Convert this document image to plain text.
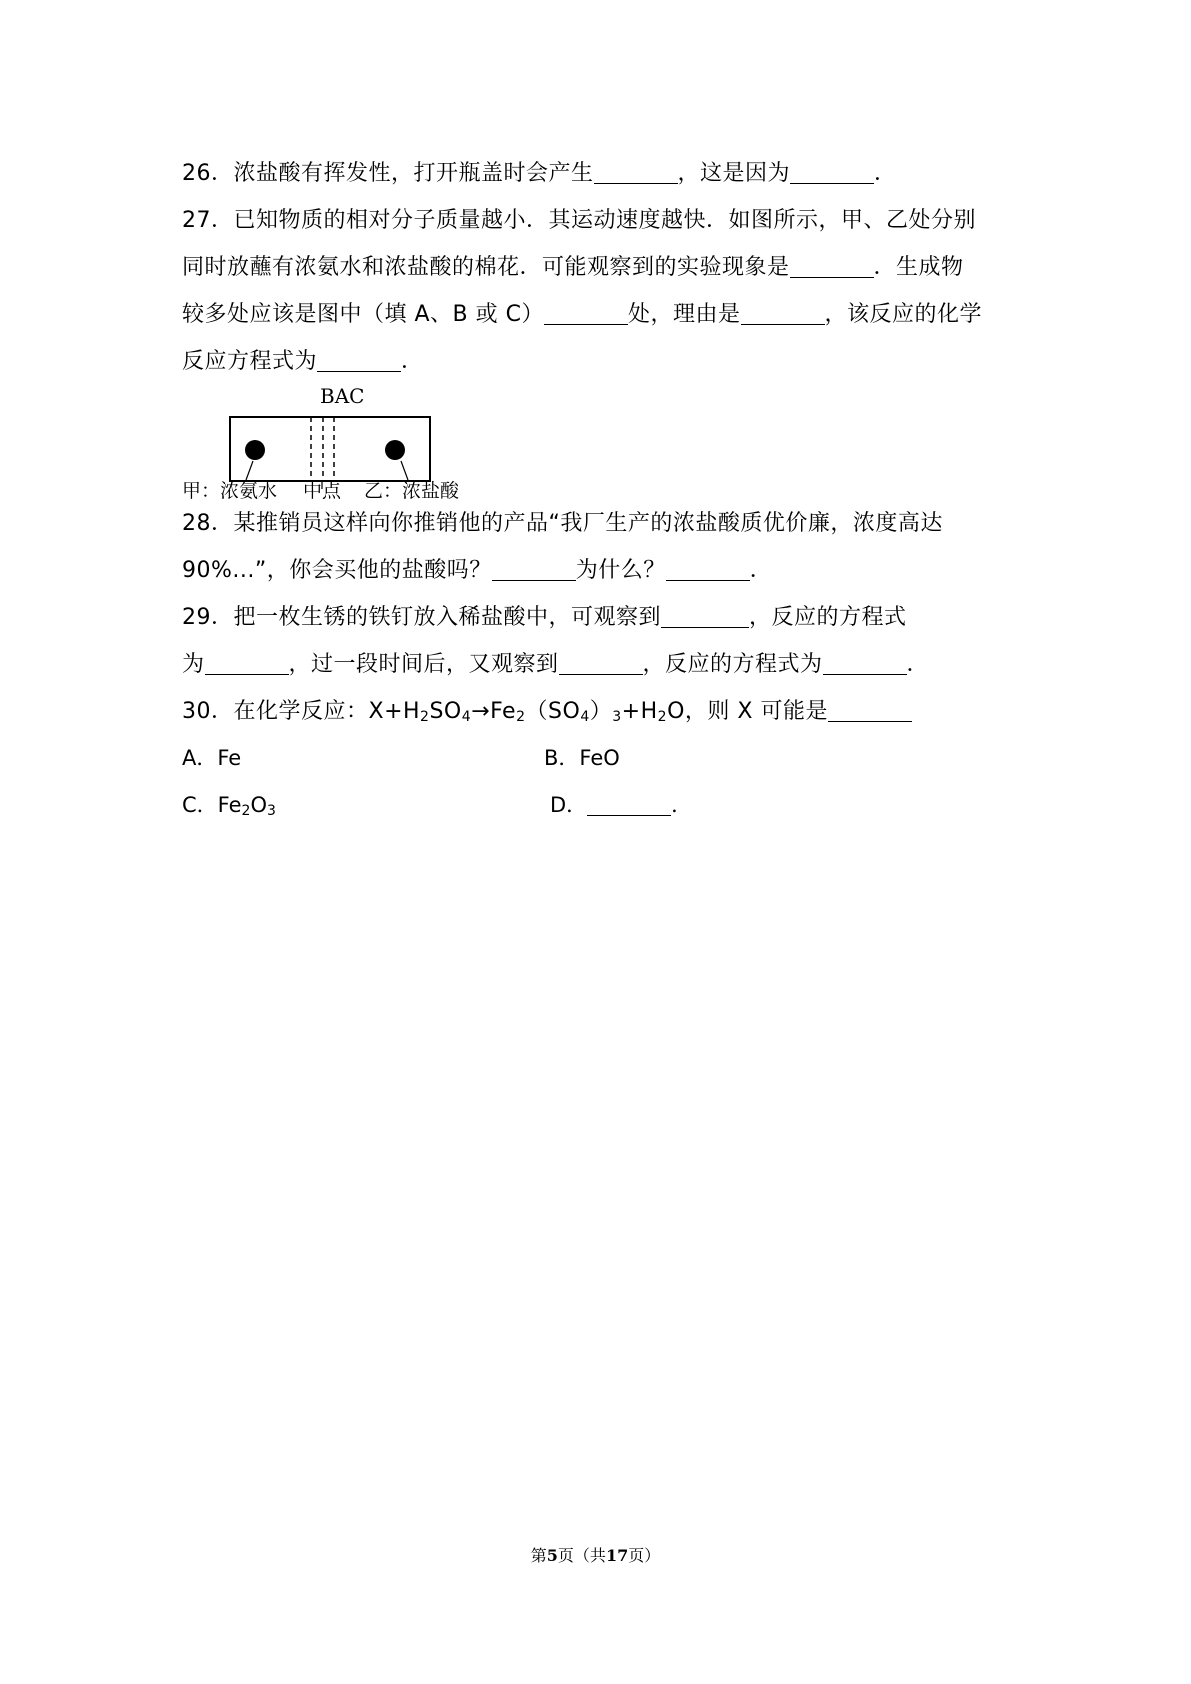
26．浓盐酸有挥发性，打开瓶盖时会产生	，这是因为	．
27．已知物质的相对分子质量越小．其运动速度越快．如图所示，甲、乙处分别
同时放蘸有浓氨水和浓盐酸的棉花．可能观察到的实验现象是	．生成物
较多处应该是图中（填 A、B 或 C）	处，理由是	，该反应的化学
反应方程式为	．
BAC
甲：浓氨水 中点 乙：浓盐酸
28．某推销员这样向你推销他的产品“我厂生产的浓盐酸质优价廉，浓度高达
90%...”，你会买他的盐酸吗？	为什么？	．
29．把一枚生锈的铁钉放入稀盐酸中，可观察到	，反应的方程式
为	，过一段时间后，又观察到	，反应的方程式为	．
30．在化学反应：$X+H_2SO_4\to Fe_2(SO_4)_3+H_2O$，则 X 可能是
A．Fe	B．FeO
C．$Fe_2O_3$	D．	．
第5页（共17页）
